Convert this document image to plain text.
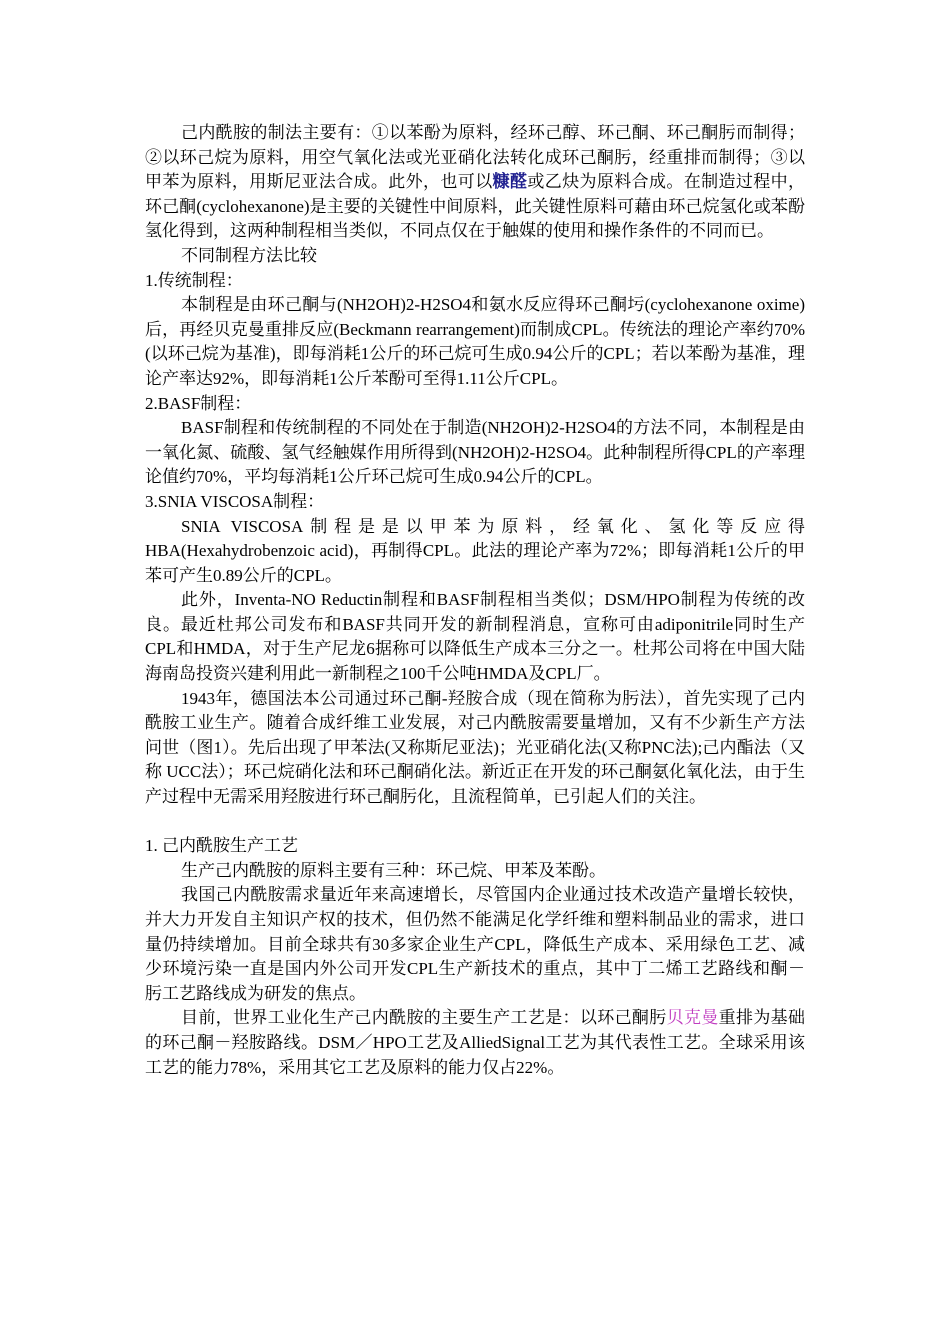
己内酰胺的制法主要有：①以苯酚为原料，经环己醇、环己酮、环己酮肟而制得；②以环己烷为原料，用空气氧化法或光亚硝化法转化成环己酮肟，经重排而制得；③以甲苯为原料，用斯尼亚法合成。此外，也可以糠醛或乙炔为原料合成。在制造过程中，环己酮(cyclohexanone)是主要的关键性中间原料，此关键性原料可藉由环己烷氢化或苯酚氢化得到，这两种制程相当类似，不同点仅在于触媒的使用和操作条件的不同而已。

不同制程方法比较

1.传统制程：

本制程是由环己酮与(NH2OH)2-H2SO4和氨水反应得环己酮圬(cyclohexanone oxime)后，再经贝克曼重排反应(Beckmann rearrangement)而制成CPL。传统法的理论产率约70%(以环己烷为基准)，即每消耗1公斤的环己烷可生成0.94公斤的CPL；若以苯酚为基准，理论产率达92%，即每消耗1公斤苯酚可至得1.11公斤CPL。

2.BASF制程：

BASF制程和传统制程的不同处在于制造(NH2OH)2-H2SO4的方法不同，本制程是由一氧化氮、硫酸、氢气经触媒作用所得到(NH2OH)2-H2SO4。此种制程所得CPL的产率理论值约70%，平均每消耗1公斤环己烷可生成0.94公斤的CPL。

3.SNIA VISCOSA制程：

SNIA VISCOSA制程是是以甲苯为原料，经氧化、氢化等反应得HBA(Hexahydrobenzoic acid)，再制得CPL。此法的理论产率为72%；即每消耗1公斤的甲苯可产生0.89公斤的CPL。

此外，Inventa-NO Reductin制程和BASF制程相当类似；DSM/HPO制程为传统的改良。最近杜邦公司发布和BASF共同开发的新制程消息，宣称可由adiponitrile同时生产CPL和HMDA，对于生产尼龙6据称可以降低生产成本三分之一。杜邦公司将在中国大陆海南岛投资兴建利用此一新制程之100千公吨HMDA及CPL厂。

1943年，德国法本公司通过环己酮-羟胺合成（现在简称为肟法），首先实现了己内酰胺工业生产。随着合成纤维工业发展，对己内酰胺需要量增加，又有不少新生产方法问世（图1）。先后出现了甲苯法(又称斯尼亚法)；光亚硝化法(又称PNC法);己内酯法（又称 UCC法）；环己烷硝化法和环己酮硝化法。新近正在开发的环己酮氨化氧化法，由于生产过程中无需采用羟胺进行环己酮肟化，且流程简单，已引起人们的关注。

1. 己内酰胺生产工艺

生产己内酰胺的原料主要有三种：环己烷、甲苯及苯酚。

我国己内酰胺需求量近年来高速增长，尽管国内企业通过技术改造产量增长较快，并大力开发自主知识产权的技术，但仍然不能满足化学纤维和塑料制品业的需求，进口量仍持续增加。目前全球共有30多家企业生产CPL，降低生产成本、采用绿色工艺、减少环境污染一直是国内外公司开发CPL生产新技术的重点，其中丁二烯工艺路线和酮－肟工艺路线成为研发的焦点。

目前，世界工业化生产己内酰胺的主要生产工艺是：以环己酮肟贝克曼重排为基础的环己酮－羟胺路线。DSM／HPO工艺及AlliedSignal工艺为其代表性工艺。全球采用该工艺的能力78%，采用其它工艺及原料的能力仅占22%。
